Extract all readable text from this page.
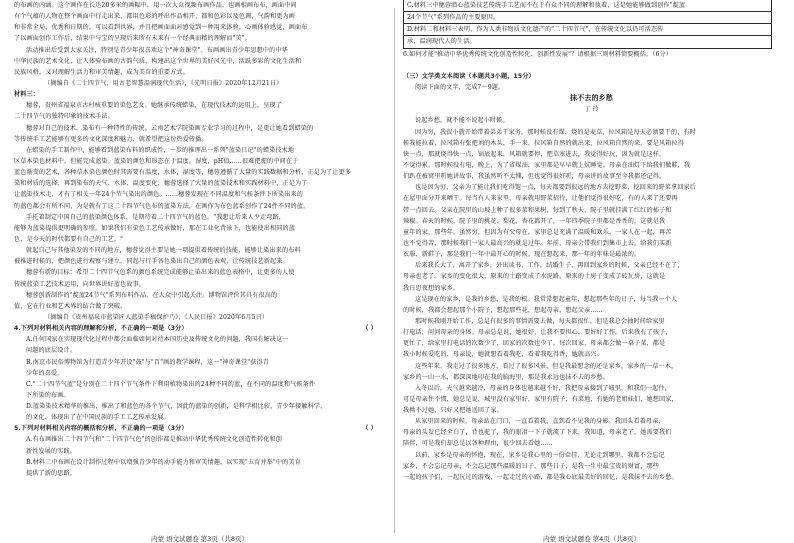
的布画的内涵。这个画作在长达20多米的画幅中，用一次大众视频布画作品，也画相画布布，画面中间
有个气蕴的人物在整个画面中行走出来，都用色彩的呼出作品相开，都和色彩以及色调，气韵和更为画
和非常全局、优秀和日期的。可以看到世界，并且把画面面对感觉到一种用来体验，心画体验感觉，画面布
了以画面创作工作后，结果中与宝的呈现后来所有未来有一个经典而精的理解而"美"。
活动推出后受到大家关注，特别是青少年很喜欢这个"神奇课堂"。布画画出青少年思想中的中华
中华民族的艺术文化，让人体验布画的古韵气质，构建出这个世界的美好风光中，活跃多彩的文化生活和
民族风格。又对理解生活力和审美情趣，成为美育的重要方式。
（摘编自《二十四节气，用古老智慧温润现代生活》，《光明日报》2020年12月21日）
材料三：
穗蓉，贵州省福泉市古村核重要的染色艺女。她继承传统蜡染，在现代技术的运用上，呈现了
二十四节气的独特印象的技术手法。
穗蓉对自己的技术，染布有一种特性的传统。云南艺术学院染画专业学习的过程中，是更让她看到蜡染的
等传统手工艺能够有更多的文化深度和魅力，就希望把这份热爱传播。
在蜡染的手工制作中，能够看到蓝染布料的织成性，一步的推理出一系列"蓝染日记"的蜡染技术地
区草本染色材料中，但能完成蓝染。蓝染的颜色和形态在于温度，湿度，pH值……很难把握的中间在于
蓝色渐变的艺术，各种草木染色颜色时其需要有温度，水体，湿度等，穗蓉遵循了大量的实践数据和分析，正是为了让更多
染和材质的选择，再到染布的天气、水体、温度变化，穗蓉选择了大量的蓝染技术和实践材料中，正是为了
让蓝染技术走，才有了相关一年24个节气染出的颜色。……穗蓉发现在不同温度和气候条件下所染出来的
的蓝色都会有所不同，为是就有了这二十四节气色布的蓝染方法，在画作为布色蓝系创作了24件不同的蓝。
手托着制定中国自己的蓝染颜色体系，是期待着二十四节气的蓝色。"我想让后来人少走弯路，
能够为蓝染提供更明确的参照。如果我们有染色工艺传承做好，那在工业化背景下，也能使出相同的蓝
色，是今天的时代都要有自己的工艺。"
就起自己与其他染发的不同的地方，穗蓉觉得主要是她一项提供着传统的技能，能够让染出来的布料
被推进时候的，把颜色进行观察与建立。同起与行手各色染出自己的颜色表观，让传统技艺新起来。
穗蓉有新的目标：希望二十四节气色系的颜色系统完成能够让染出来的蓝色表格中，让更多的人使
传统蓝染工艺技术运用，向世界讲好蓝色故事。
穗蓉创新制作的"靛蓝24节气"系列布料作品，在大众中引起关注。博物馆评价其具有很高的
值，它在行业和艺术界的结合做了突破。
（摘编自《贵州福泉市蓝染匠人蓝染手稿保护乃》，《人民日报》2020年6月5日）
（ ）
4.下列对材料相关内容的理解和分析，不正确的一项是（3分）
A.任何国家在实现现代化过程中都会面临如何对待本国历史及传统文化的问题，我国有解决这一
问题的底层设计。
B.南京市民俗博物馆为打造青少年开设"鼓"与"百"画的教学课程，这一"神奇课堂"获得青
少年的喜爱。
C."二十四节气蓝"是分别在二十四个节气条件下利用植物染出的24种不同的蓝，在不同的温度和气候条件
下所染的布画。
D.蓝染染技术精华的推出，推出了和蓝色的各个节气，因此的蓝染的创新，是科学相比较，青少年接触科学，
的文化、体现出了在中国民族的手工工艺传承发展。
（ ）
5.下列对材料相关内容的概括和分析，不正确的一项是（3分）
A.有布画推出二十四节气和"二十四节气色"的创作都是推动中华优秀传统文化创造性转化和创
新性发展的实践。
B.材料二中布画在设计制作过程中以增强青少年的动手能力和审美情趣，以实现"五育并举"中的美育
提供了新的思路。
C.材料三中穗蓉潜心蓝染技艺传统手工艺而不在于有众不同的理解和执着，这是她能够做到创作"靛蓝
24个节气"系列作品的主要原因。
D.材料二和材料三表明，作为人类非物质文化遗产的"二十四节气"，在传统文化以仍可活态传
承，温润现代人的生活。
6.如何才能"推动中华优秀传统文化创造性转化、创新性发展"？请根据三则材料简要概括。（6分）
（三）文学类文本阅读（本题共3小题，15分）
阅读下面的文字，完成7～9题。
抹不去的乡愁
丁 玲
说起乡愁，就不能不说起小时候。
因为穷，我很小就开始带着弟弟干家务。那时候没有煤，烧的是麦草，拉风箱是每天必须要干的，有时
候我能拉着，拉风箱有张把刘的木头，手一来，拉风箱自然的就出来，拉风箱自然的来，要是风箱拉得
快一点，那就烧得快一点，锅底起来，风箱就要停，把草塞进去，我觉得好玩，因为就是这样，
不觉得累。那时候没有电，晚上，为了省煤油，家里都是早早就上炕睡觉。母亲在油灯下给我们做鞋，我
们趴在被窝里听她讲故事，我虽然听不太懂，但也觉得很好听，母亲讲的故事至今我都还记得。
也是因为穷，父亲为了能让我们吃得饱一点，每天都要到很远的地方去挖野菜，挖回来的野菜拿回家后
在屋里面分开来晒干。每当有人来家里，母亲就用野菜招待，让他们觉得很好吃，有的人来了还要再
带一点回去。父亲在院里的山坡上种了很多菜和果树，每到了秋天，院子里就挂满了红红的柿子和
辣椒。春天的时候，院子里的桃花、梨花、杏花都开了，一年四季院子里都是香香的，这就是我
童年的家，那些年，虽然穷，但因为有父母在，家里总是充满了温暖和欢乐，一家人在一起，再苦
也不觉得苦，那时候我们一家人最高兴的就是过年。年前，母亲会带我们到集市上去，给我们买新
衣服、新鞋子，那是我们一年中最开心的时候。现在想起来，那一年的年味是最浓的。
后来我长大了，离开了家乡，外出读书、工作，结婚生子，再回到家乡的时候，父亲已经不在了，
母亲也老了。家乡的变化很大，原来的土路变成了水泥路，原来的土房子变成了砖瓦房，这就是
我日思夜想的家乡。
这是现在的家乡，是我的乡愁，是我的根。我常常想起童年，想起那些年的日子，每当我一个人
的时候，我都会想起那个小院子，想起那些花，想起母亲，想起父亲……
那时候我刚开始工作，总是有很多的事情需要去做，每天都很忙，但是我总会抽时间给家里
打电话，问问母亲的身体。母亲总是说，她很好，让我不要担心，要好好工作。后来我有了孩子，
更忙了，给家里打电话的次数少了，回家的次数也少了。每次回家，母亲都会做一桌子菜，都是
我小时候爱吃的，母亲说，她就想看着我吃，看着我吃得香，她就高兴。
这些年来，我走过了很多地方，看过了很多风景，但是我最想念的还是家乡，家乡的一草一木，
家乡的一山一水，都深深地印在我的脑海里，那是我永远也抹不去的乡愁。
入冬以后，天气越来越冷，母亲的身体也越来越不好，我把母亲接到了城里，和我们一起住，
可是母亲住不惯，她总是说，城里没有家里好，家里有院子，有菜地，有她的老姐妹们，她想回家，
我拗不过她，只好又把她送回了家。
从家里回来的时候，母亲站在门口，一直看着我，直到看不见我的身影。我回头看着母亲，
母亲的头发已经全白了，背也驼了，我的眼泪一下子就流了下来，我知道，母亲老了，她需要我们
陪伴，可是我们却总是以各种理由，很少回去看她……
以前，家乡是母亲的怀抱，现在，家乡是我心里的一份牵挂，无论走到哪里，我都不会忘记
家乡，不会忘记母亲，不会忘记那些温暖的日子，那些日子，是我一生中最宝贵的财富，那些
一起的孩子们，一起玩过的游戏，一起走过的小路，都是我心底最美好的回忆，是我抹不去的乡愁。
内蒙 语文试题卷 第3页（共8页）	内蒙 语文试题卷 第4页（共8页）
